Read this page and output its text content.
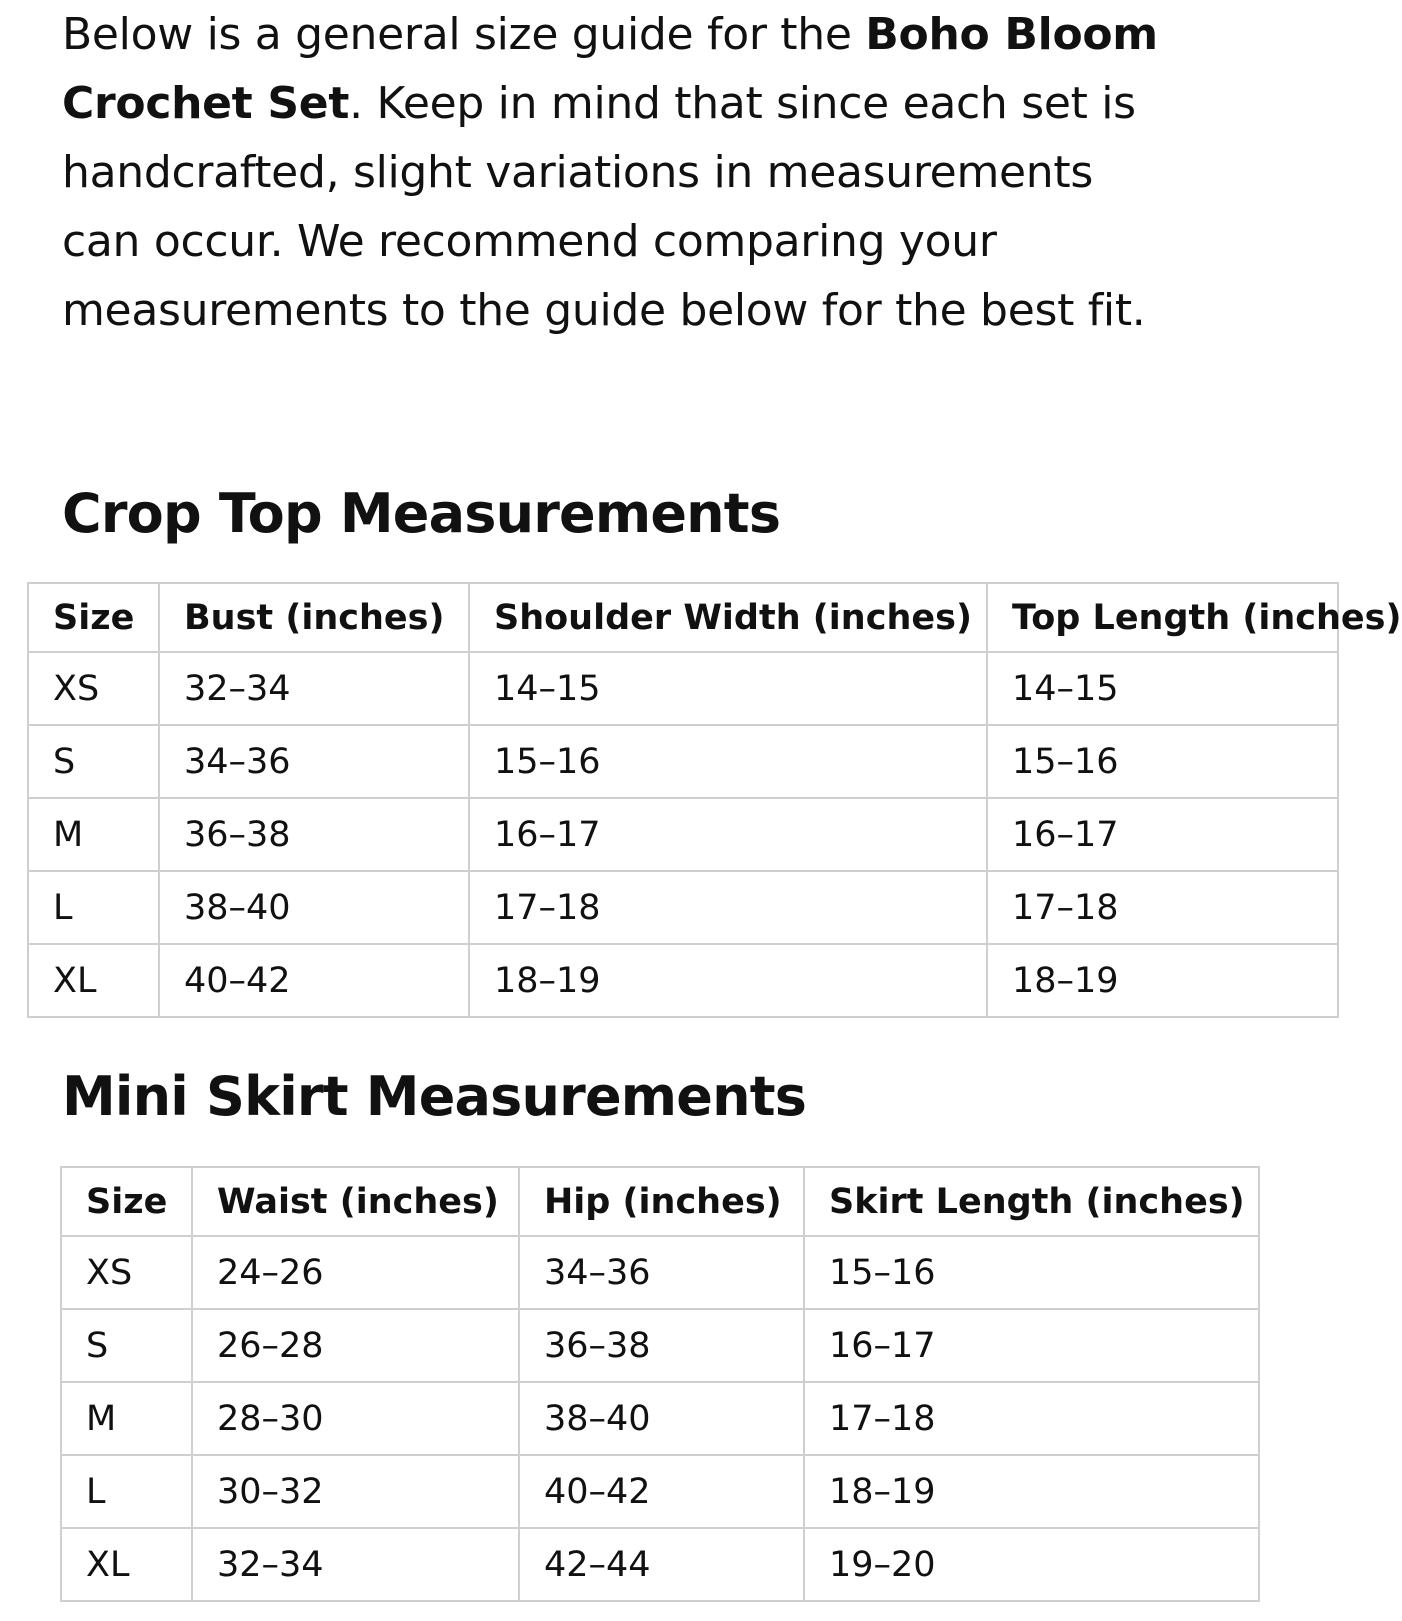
Below is a general size guide for the Boho Bloom Crochet Set. Keep in mind that since each set is handcrafted, slight variations in measurements can occur. We recommend comparing your measurements to the guide below for the best fit.

Crop Top Measurements
Size	Bust (inches)	Shoulder Width (inches)	Top Length (inches)
XS	32–34	14–15	14–15
S	34–36	15–16	15–16
M	36–38	16–17	16–17
L	38–40	17–18	17–18
XL	40–42	18–19	18–19
Mini Skirt Measurements
Size	Waist (inches)	Hip (inches)	Skirt Length (inches)
XS	24–26	34–36	15–16
S	26–28	36–38	16–17
M	28–30	38–40	17–18
L	30–32	40–42	18–19
XL	32–34	42–44	19–20
